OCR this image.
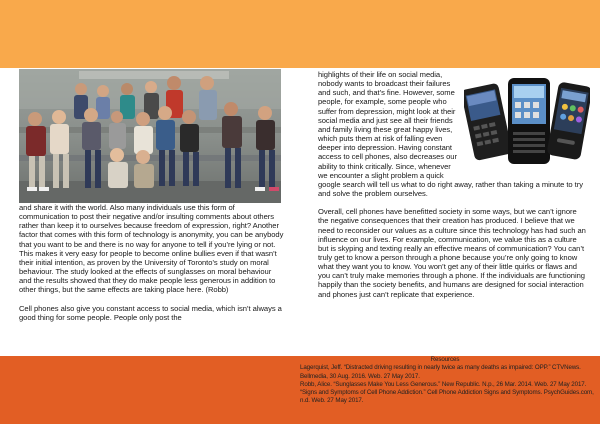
and share it with the world. Also many individuals use this form of communication to post their negative and/or insulting comments about others rather than keep it to ourselves because freedom of expression, right? Another factor that comes with this form of technology is anonymity, you can be anybody that you want to be and there is no way for anyone to tell if you’re lying or not. This makes it very easy for people to become online bullies even if that wasn’t their initial intention, as proven by the University of Toronto’s study on moral behaviour. The study looked at the effects of sunglasses on moral behaviour and the results showed that they do make people less generous in addition to other things, but the same effects are taking place here. (Robb)

Cell phones also give you constant access to social media, which isn’t always a good thing for some people. People only post the

highlights of their life on social media, nobody wants to broadcast their failures and such, and that’s fine. However, some people, for example, some people who suffer from depression, might look at their social media and just see all their friends and family living these great happy lives, which puts them at risk of falling even deeper into depression. Having constant access to cell phones, also decreases our ability to think critically. Since, whenever we encounter a slight problem a quick google search will tell us what to do right away, rather than taking a minute to try and solve the problem ourselves.

Overall, cell phones have benefitted society in some ways, but we can’t ignore the negative consequences that their creation has produced. I believe that we need to reconsider our values as a culture since this technology has had such an influence on our lives. For example, communication, we value this as a culture but is skyping and texting really an effective means of communication? You can’t truly get to know a person through a phone because you’re only going to know what they want you to know. You won’t get any of their little quirks or flaws and you can’t truly make memories through a phone. If the individuals are functioning happily than the society benefits, and humans are designed for social interaction and phones just can’t replicate that experience.

Resources
Lagerquist, Jeff. “Distracted driving resulting in nearly twice as many deaths as impaired: OPP.” CTVNews. Bellmedia, 30 Aug. 2016. Web. 27 May 2017.
Robb, Alice. “Sunglasses Make You Less Generous.” New Republic. N.p., 26 Mar. 2014. Web. 27 May 2017.
“Signs and Symptoms of Cell Phone Addiction.” Cell Phone Addiction Signs and Symptoms. PsychGuides.com, n.d. Web. 27 May 2017.
